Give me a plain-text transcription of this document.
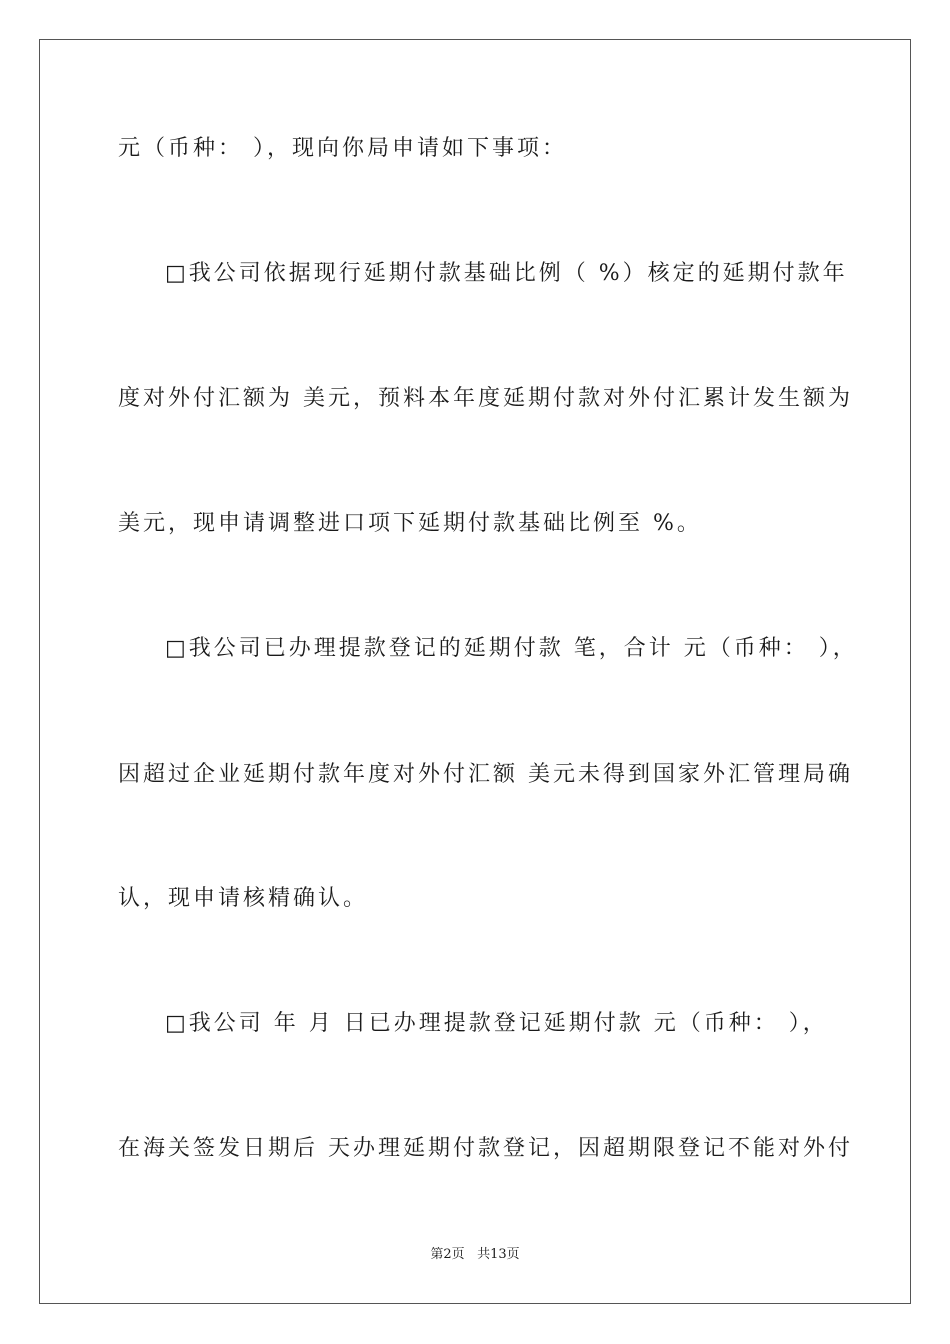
元（币种： ），现向你局申请如下事项：
□我公司依据现行延期付款基础比例（ %）核定的延期付款年
度对外付汇额为 美元，预料本年度延期付款对外付汇累计发生额为
美元，现申请调整进口项下延期付款基础比例至 %。
□我公司已办理提款登记的延期付款 笔，合计 元（币种： ），
因超过企业延期付款年度对外付汇额 美元未得到国家外汇管理局确
认，现申请核精确认。
□我公司 年 月 日已办理提款登记延期付款 元（币种： ），
在海关签发日期后 天办理延期付款登记，因超期限登记不能对外付
第2页 共13页
